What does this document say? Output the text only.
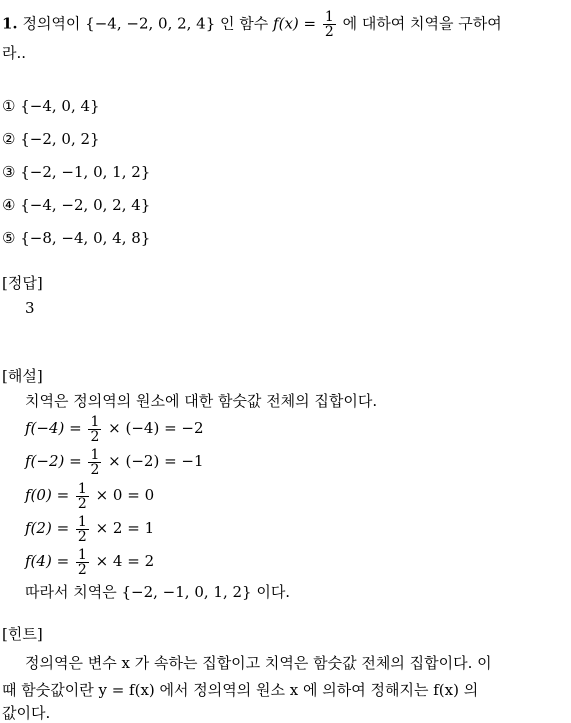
1. 정의역이 {−4, −2, 0, 2, 4} 인 함수 $f(x) = \frac{1}{2}$ 에 대하여 치역을 구하여
라..
① {−4, 0, 4}
② {−2, 0, 2}
③ {−2, −1, 0, 1, 2}
④ {−4, −2, 0, 2, 4}
⑤ {−8, −4, 0, 4, 8}
[정답]
3
[해설]
치역은 정의역의 원소에 대한 함숫값 전체의 집합이다.
$f(-4) = \frac{1}{2} \times (-4) = -2$
$f(-2) = \frac{1}{2} \times (-2) = -1$
$f(0) = \frac{1}{2} \times 0 = 0$
$f(2) = \frac{1}{2} \times 2 = 1$
$f(4) = \frac{1}{2} \times 4 = 2$
따라서 치역은 {−2, −1, 0, 1, 2} 이다.
[힌트]
정의역은 변수 x 가 속하는 집합이고 치역은 함숫값 전체의 집합이다. 이
때 함숫값이란 y = f(x) 에서 정의역의 원소 x 에 의하여 정해지는 f(x) 의
값이다.
